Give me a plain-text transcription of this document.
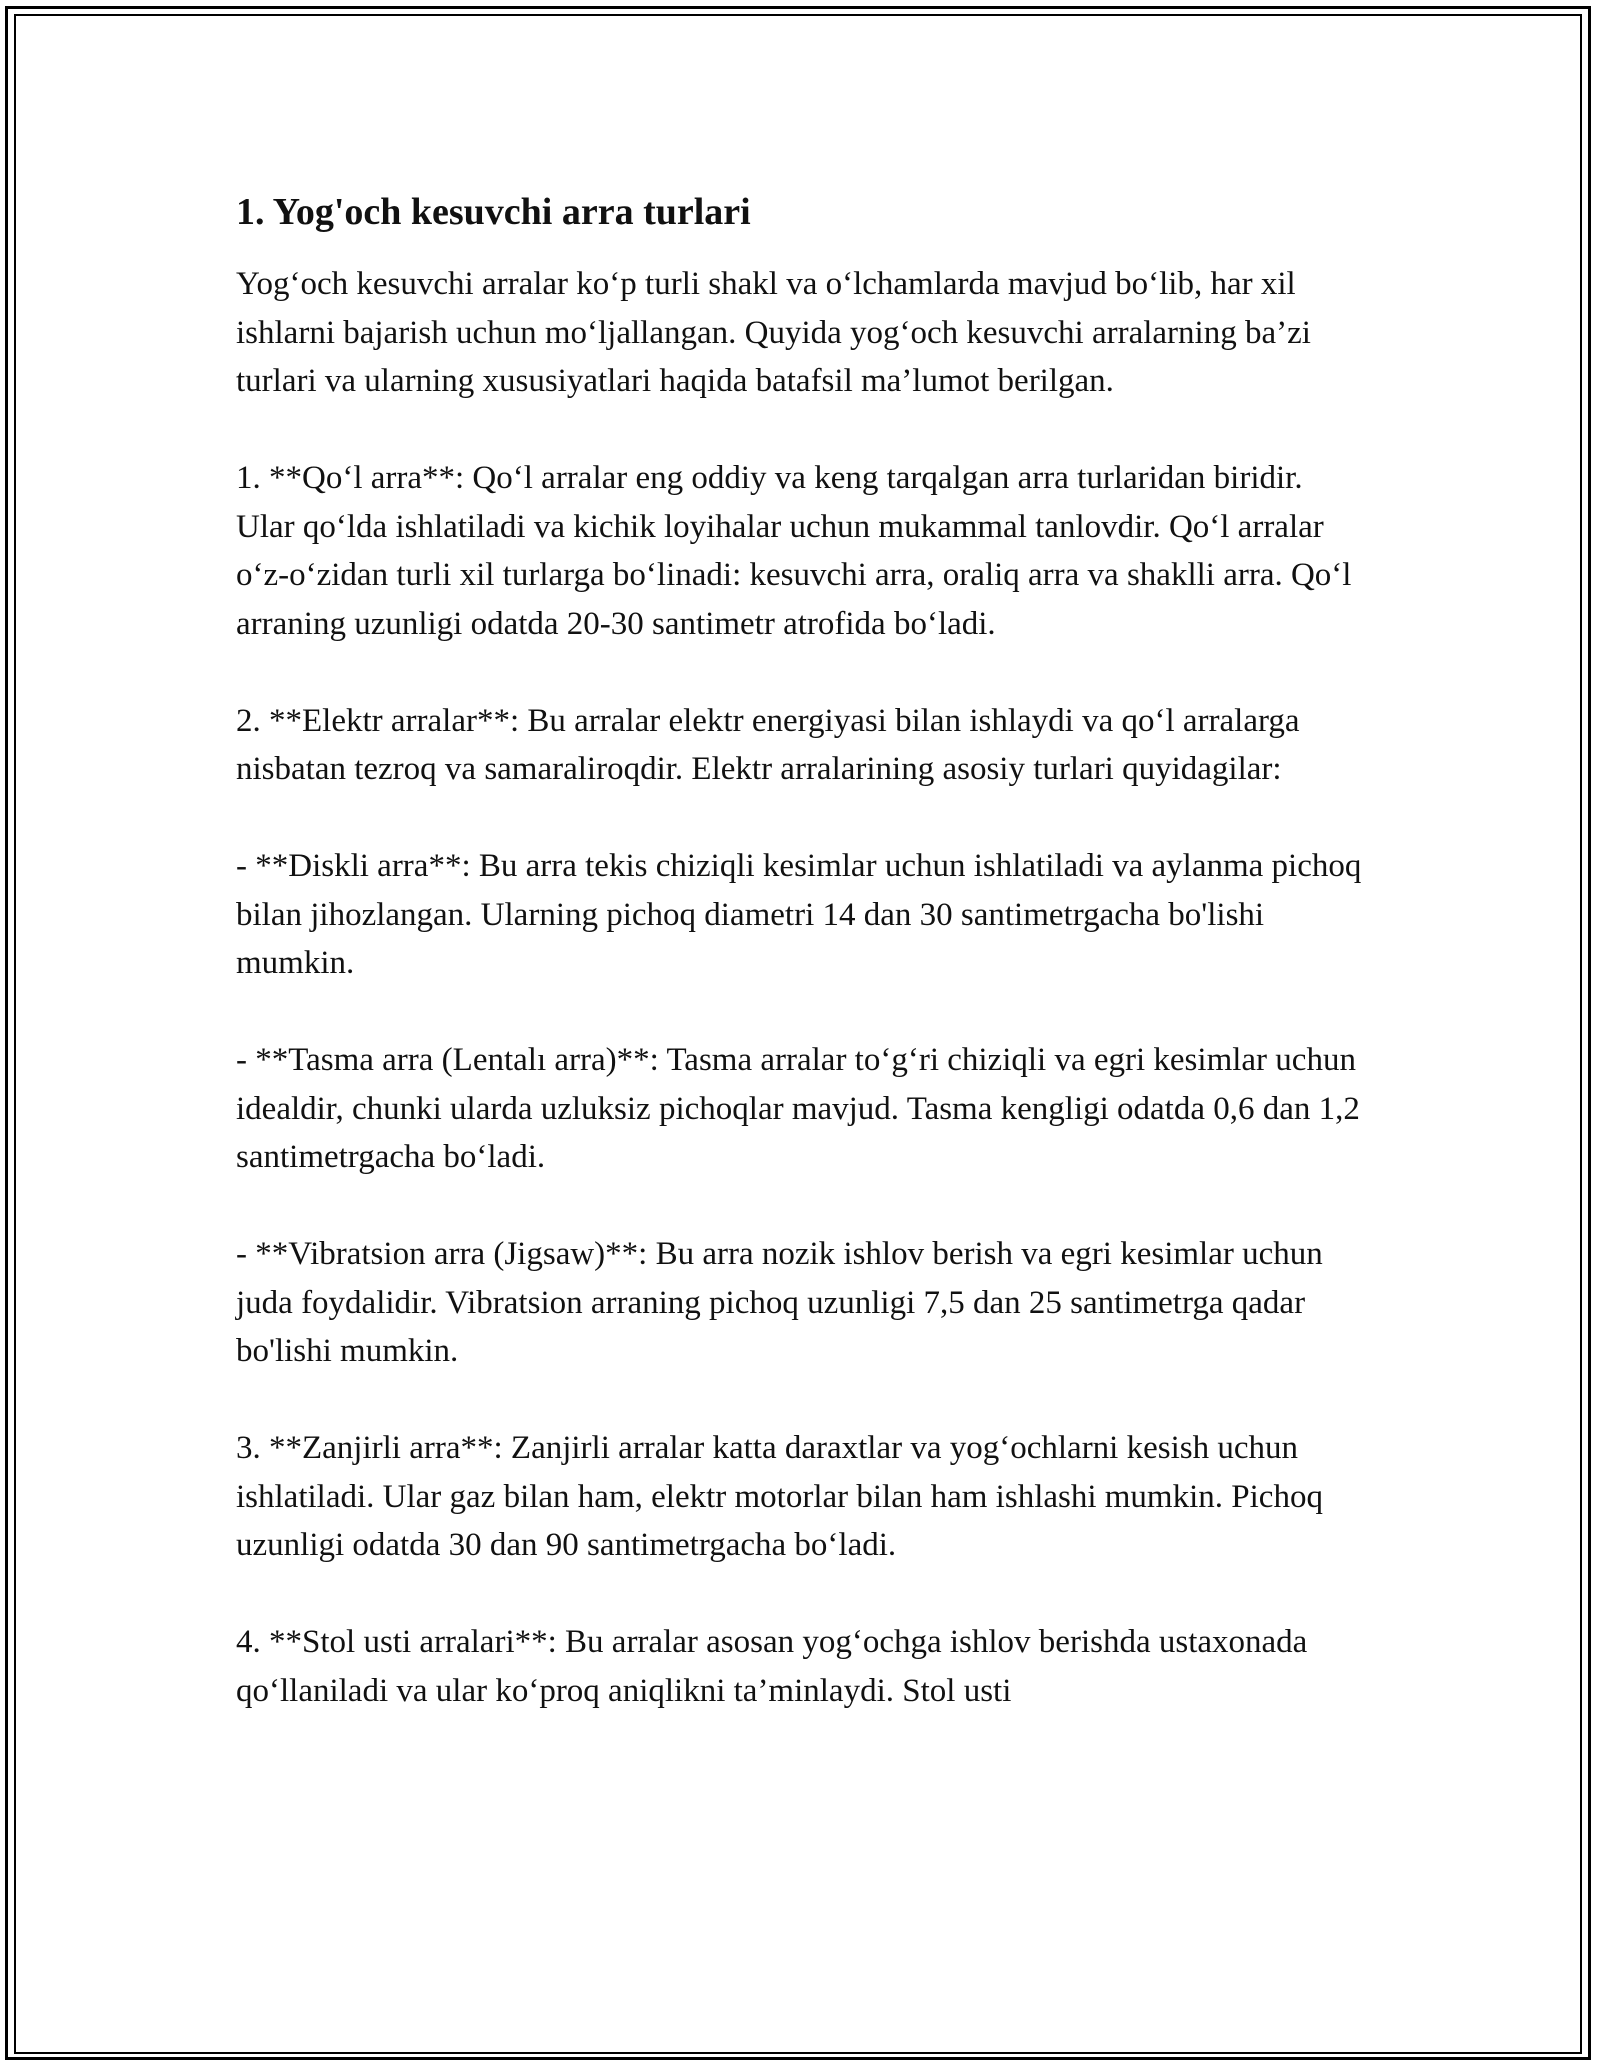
1. Yog'och kesuvchi arra turlari

Yog‘och kesuvchi arralar ko‘p turli shakl va o‘lchamlarda mavjud bo‘lib, har xil ishlarni bajarish uchun mo‘ljallangan. Quyida yog‘och kesuvchi arralarning ba’zi turlari va ularning xususiyatlari haqida batafsil ma’lumot berilgan.

1. **Qo‘l arra**: Qo‘l arralar eng oddiy va keng tarqalgan arra turlaridan biridir. Ular qo‘lda ishlatiladi va kichik loyihalar uchun mukammal tanlovdir. Qo‘l arralar o‘z-o‘zidan turli xil turlarga bo‘linadi: kesuvchi arra, oraliq arra va shaklli arra. Qo‘l arraning uzunligi odatda 20-30 santimetr atrofida bo‘ladi.

2. **Elektr arralar**: Bu arralar elektr energiyasi bilan ishlaydi va qo‘l arralarga nisbatan tezroq va samaraliroqdir. Elektr arralarining asosiy turlari quyidagilar:

- **Diskli arra**: Bu arra tekis chiziqli kesimlar uchun ishlatiladi va aylanma pichoq bilan jihozlangan. Ularning pichoq diametri 14 dan 30 santimetrgacha bo'lishi mumkin.

- **Tasma arra (Lentalı arra)**: Tasma arralar to‘g‘ri chiziqli va egri kesimlar uchun idealdir, chunki ularda uzluksiz pichoqlar mavjud. Tasma kengligi odatda 0,6 dan 1,2 santimetrgacha bo‘ladi.

- **Vibratsion arra (Jigsaw)**: Bu arra nozik ishlov berish va egri kesimlar uchun juda foydalidir. Vibratsion arraning pichoq uzunligi 7,5 dan 25 santimetrga qadar bo'lishi mumkin.

3. **Zanjirli arra**: Zanjirli arralar katta daraxtlar va yog‘ochlarni kesish uchun ishlatiladi. Ular gaz bilan ham, elektr motorlar bilan ham ishlashi mumkin. Pichoq uzunligi odatda 30 dan 90 santimetrgacha bo‘ladi.

4. **Stol usti arralari**: Bu arralar asosan yog‘ochga ishlov berishda ustaxonada qo‘llaniladi va ular ko‘proq aniqlikni ta’minlaydi. Stol usti
